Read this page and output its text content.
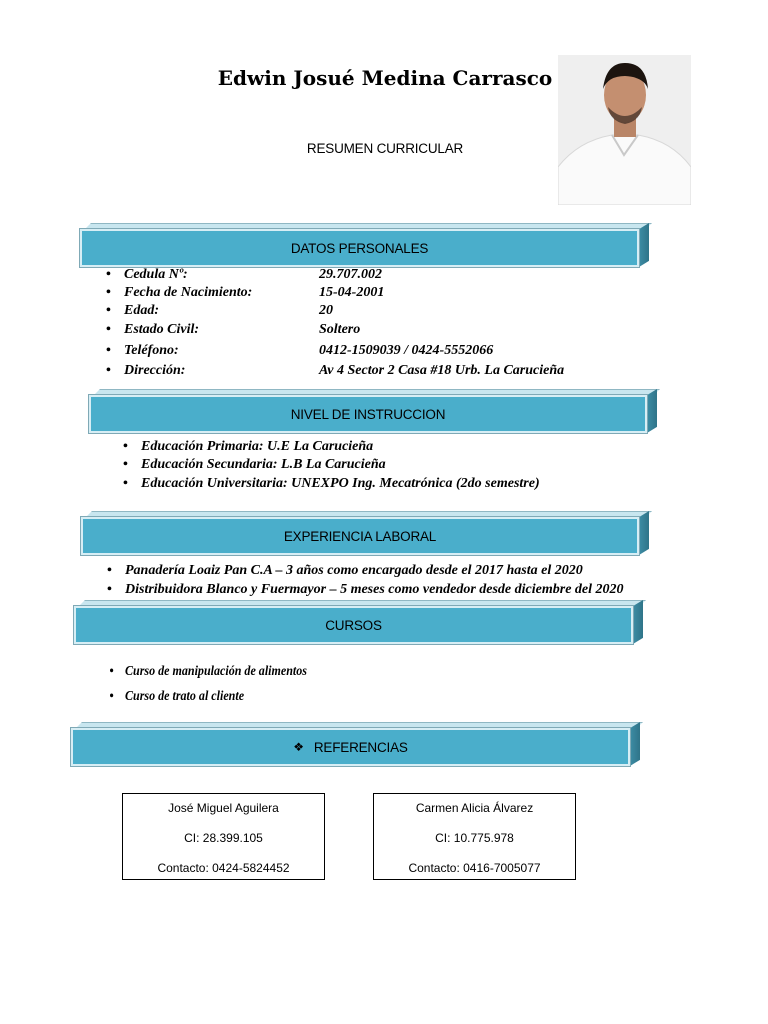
Edwin Josué Medina Carrasco
RESUMEN CURRICULAR
DATOS PERSONALES
Cedula Nº:	29.707.002
Fecha de Nacimiento:	15-04-2001
Edad:	20
Estado Civil:	Soltero
Teléfono:	0412-1509039 / 0424-5552066
Dirección:	Av 4 Sector 2 Casa #18 Urb. La Carucieña
NIVEL DE INSTRUCCION
• Educación Primaria: U.E La Carucieña
• Educación Secundaria: L.B La Carucieña
• Educación Universitaria: UNEXPO Ing. Mecatrónica (2do semestre)
EXPERIENCIA LABORAL
• Panadería Loaiz Pan C.A – 3 años como encargado desde el 2017 hasta el 2020
• Distribuidora Blanco y Fuermayor – 5 meses como vendedor desde diciembre del 2020
CURSOS
• Curso de manipulación de alimentos
• Curso de trato al cliente
❖ REFERENCIAS
José Miguel Aguilera
CI: 28.399.105
Contacto: 0424-5824452
Carmen Alicia Álvarez
CI: 10.775.978
Contacto: 0416-7005077
